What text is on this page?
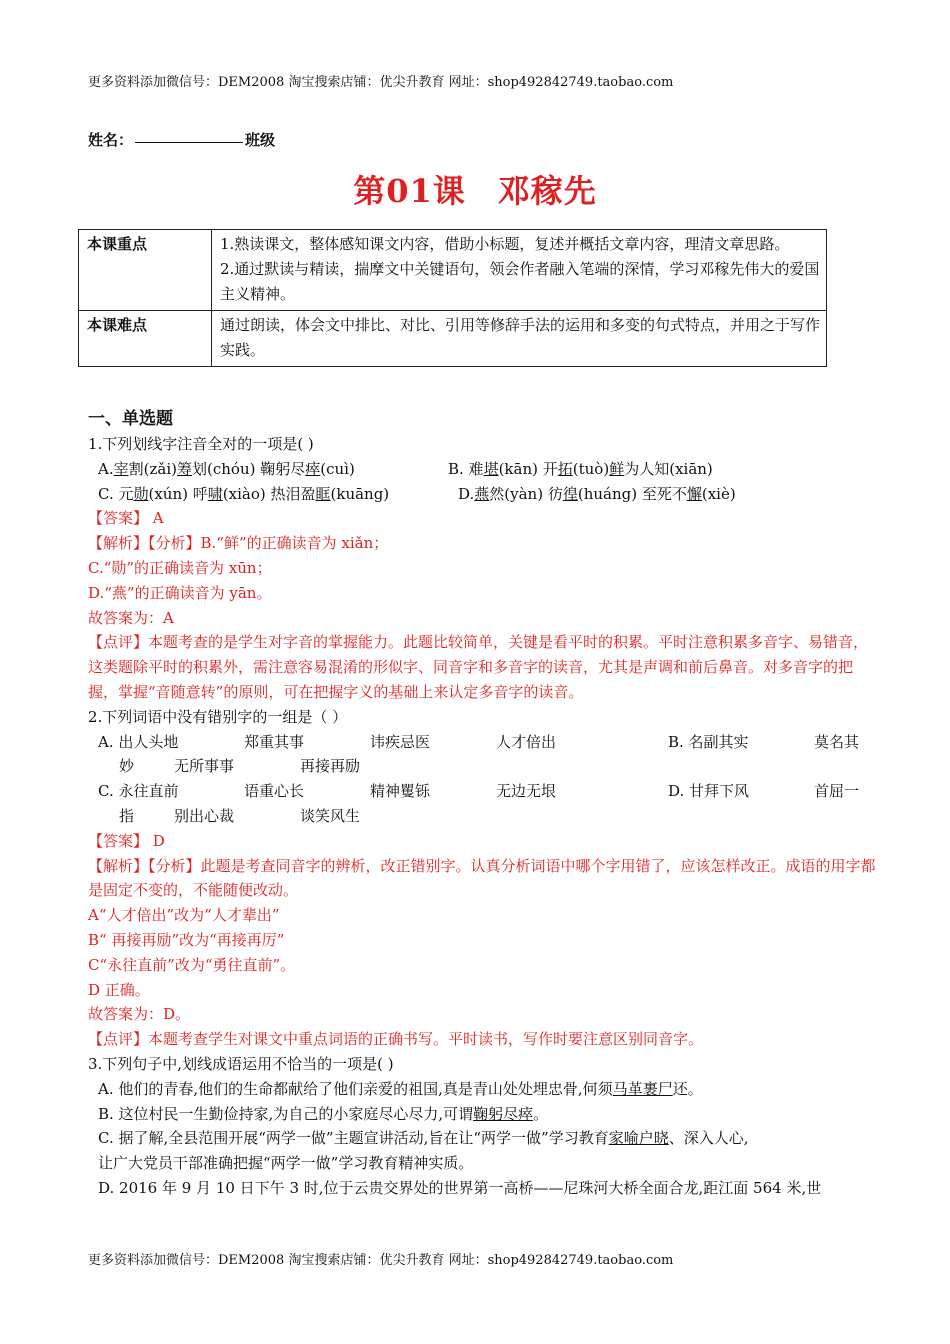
更多资料添加微信号：DEM2008 淘宝搜索店铺：优尖升教育 网址：shop492842749.taobao.com
姓名：	班级
第01课 邓稼先
本课重点	1.熟读课文，整体感知课文内容，借助小标题，复述并概括文章内容，理清文章思路。
2.通过默读与精读，揣摩文中关键语句，领会作者融入笔端的深情，学习邓稼先伟大的爱国主义精神。

本课难点	通过朗读，体会文中排比、对比、引用等修辞手法的运用和多变的句式特点，并用之于写作实践。
一、单选题
1.下列划线字注音全对的一项是( )
A.宰割(zǎi)筹划(chóu) 鞠躬尽瘁(cuì)	B. 难堪(kān) 开拓(tuò)鲜为人知(xiān)
C. 元勋(xún) 呼啸(xiào) 热泪盈眶(kuāng)	D.燕然(yàn) 彷徨(huáng) 至死不懈(xiè)
【答案】 A
【解析】【分析】B.“鲜”的正确读音为 xiǎn；
C.“勋”的正确读音为 xūn；
D.“燕”的正确读音为 yān。
故答案为：A
【点评】本题考查的是学生对字音的掌握能力。此题比较简单，关键是看平时的积累。平时注意积累多音字、易错音，这类题除平时的积累外，需注意容易混淆的形似字、同音字和多音字的读音，尤其是声调和前后鼻音。对多音字的把握，掌握“音随意转”的原则，可在把握字义的基础上来认定多音字的读音。
2.下列词语中没有错别字的一组是（ ）
A. 出人头地	郑重其事	讳疾忌医	人才倍出	B. 名副其实	莫名其
妙	无所事事	再接再励
C. 永往直前	语重心长	精神矍铄	无边无垠	D. 甘拜下风	首屈一
指	别出心裁	谈笑风生
【答案】 D
【解析】【分析】此题是考查同音字的辨析，改正错别字。认真分析词语中哪个字用错了，应该怎样改正。成语的用字都是固定不变的，不能随便改动。
A“人才倍出”改为“人才辈出”
B“ 再接再励”改为“再接再厉”
C“永往直前”改为“勇往直前”。
D 正确。
故答案为：D。
【点评】本题考查学生对课文中重点词语的正确书写。平时读书，写作时要注意区别同音字。
3.下列句子中,划线成语运用不恰当的一项是( )
A. 他们的青春,他们的生命都献给了他们亲爱的祖国,真是青山处处埋忠骨,何须马革裹尸还。
B. 这位村民一生勤俭持家,为自己的小家庭尽心尽力,可谓鞠躬尽瘁。
C. 据了解,全县范围开展“两学一做”主题宣讲活动,旨在让“两学一做”学习教育家喻户晓、深入人心,
让广大党员干部准确把握“两学一做”学习教育精神实质。
D. 2016 年 9 月 10 日下午 3 时,位于云贵交界处的世界第一高桥——尼珠河大桥全面合龙,距江面 564 米,世
更多资料添加微信号：DEM2008 淘宝搜索店铺：优尖升教育 网址：shop492842749.taobao.com
